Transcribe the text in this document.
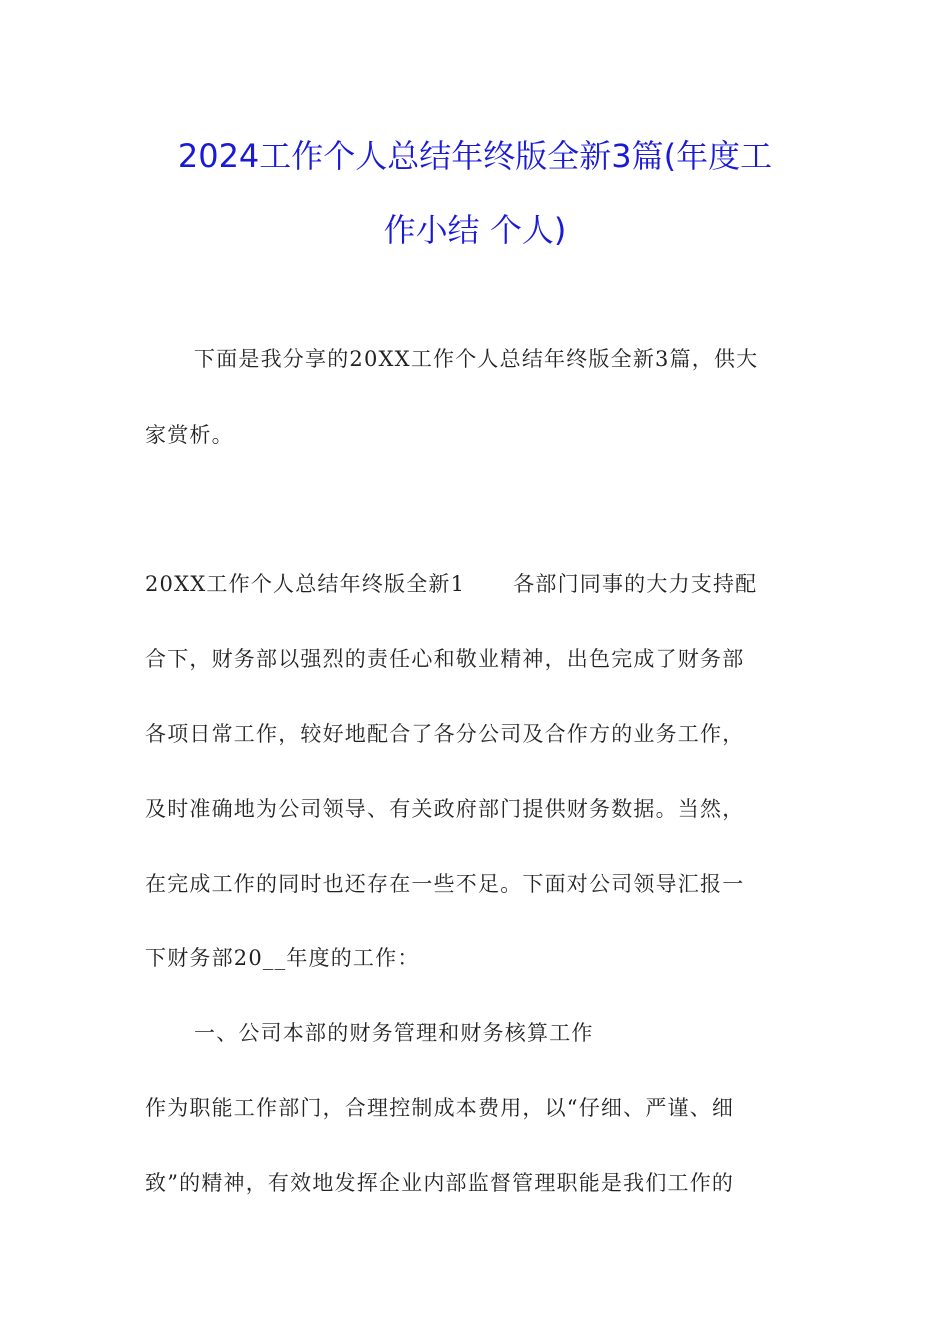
2024工作个人总结年终版全新3篇(年度工
作小结 个人)
下面是我分享的20XX工作个人总结年终版全新3篇，供大
家赏析。
20XX工作个人总结年终版全新1 各部门同事的大力支持配
合下，财务部以强烈的责任心和敬业精神，出色完成了财务部
各项日常工作，较好地配合了各分公司及合作方的业务工作，
及时准确地为公司领导、有关政府部门提供财务数据。当然，
在完成工作的同时也还存在一些不足。下面对公司领导汇报一
下财务部20__年度的工作：
一、公司本部的财务管理和财务核算工作
作为职能工作部门，合理控制成本费用，以“仔细、严谨、细
致”的精神，有效地发挥企业内部监督管理职能是我们工作的
